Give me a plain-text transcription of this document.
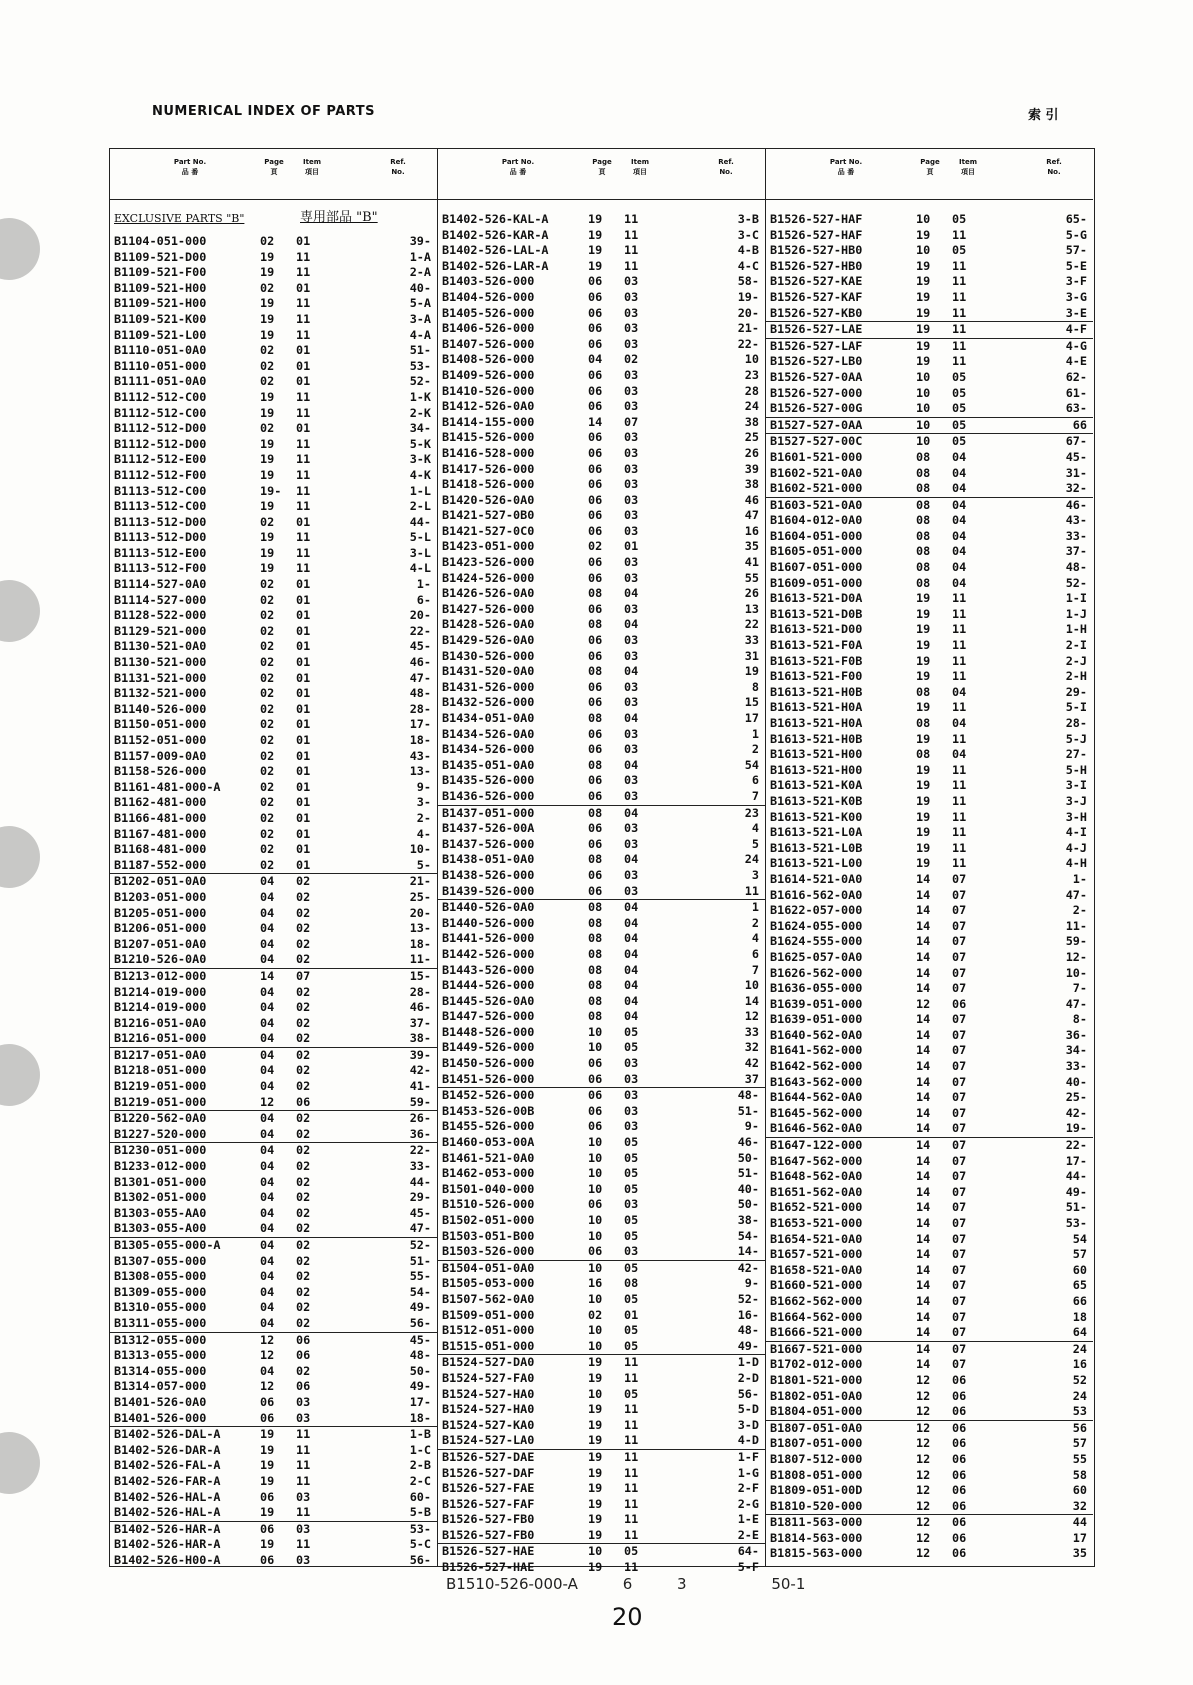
NUMERICAL INDEX OF PARTS	索 引
Part No.
品 番
Page
頁
Item
項目
Ref.
No.
EXCLUSIVE PARTS "B"	専用部品 "B"
B1104-051-000	02 01	39-
B1109-521-D00	19 11	1-A
B1109-521-F00	19 11	2-A
B1109-521-H00	02 01	40-
B1109-521-H00	19 11	5-A
B1109-521-K00	19 11	3-A
B1109-521-L00	19 11	4-A
B1110-051-0A0	02 01	51-
B1110-051-000	02 01	53-
B1111-051-0A0	02 01	52-
B1112-512-C00	19 11	1-K
B1112-512-C00	19 11	2-K
B1112-512-D00	02 01	34-
B1112-512-D00	19 11	5-K
B1112-512-E00	19 11	3-K
B1112-512-F00	19 11	4-K
B1113-512-C00	19- 11	1-L
B1113-512-C00	19 11	2-L
B1113-512-D00	02 01	44-
B1113-512-D00	19 11	5-L
B1113-512-E00	19 11	3-L
B1113-512-F00	19 11	4-L
B1114-527-0A0	02 01	1-
B1114-527-000	02 01	6-
B1128-522-000	02 01	20-
B1129-521-000	02 01	22-
B1130-521-0A0	02 01	45-
B1130-521-000	02 01	46-
B1131-521-000	02 01	47-
B1132-521-000	02 01	48-
B1140-526-000	02 01	28-
B1150-051-000	02 01	17-
B1152-051-000	02 01	18-
B1157-009-0A0	02 01	43-
B1158-526-000	02 01	13-
B1161-481-000-A	02 01	9-
B1162-481-000	02 01	3-
B1166-481-000	02 01	2-
B1167-481-000	02 01	4-
B1168-481-000	02 01	10-
B1187-552-000	02 01	5-
B1202-051-0A0	04 02	21-
B1203-051-000	04 02	25-
B1205-051-000	04 02	20-
B1206-051-000	04 02	13-
B1207-051-0A0	04 02	18-
B1210-526-0A0	04 02	11-
B1213-012-000	14 07	15-
B1214-019-000	04 02	28-
B1214-019-000	04 02	46-
B1216-051-0A0	04 02	37-
B1216-051-000	04 02	38-
B1217-051-0A0	04 02	39-
B1218-051-000	04 02	42-
B1219-051-000	04 02	41-
B1219-051-000	12 06	59-
B1220-562-0A0	04 02	26-
B1227-520-000	04 02	36-
B1230-051-000	04 02	22-
B1233-012-000	04 02	33-
B1301-051-000	04 02	44-
B1302-051-000	04 02	29-
B1303-055-AA0	04 02	45-
B1303-055-A00	04 02	47-
B1305-055-000-A	04 02	52-
B1307-055-000	04 02	51-
B1308-055-000	04 02	55-
B1309-055-000	04 02	54-
B1310-055-000	04 02	49-
B1311-055-000	04 02	56-
B1312-055-000	12 06	45-
B1313-055-000	12 06	48-
B1314-055-000	04 02	50-
B1314-057-000	12 06	49-
B1401-526-0A0	06 03	17-
B1401-526-000	06 03	18-
B1402-526-DAL-A	19 11	1-B
B1402-526-DAR-A	19 11	1-C
B1402-526-FAL-A	19 11	2-B
B1402-526-FAR-A	19 11	2-C
B1402-526-HAL-A	06 03	60-
B1402-526-HAL-A	19 11	5-B
B1402-526-HAR-A	06 03	53-
B1402-526-HAR-A	19 11	5-C
B1402-526-H00-A	06 03	56-
Part No.
品 番
Page
頁
Item
項目
Ref.
No.
B1402-526-KAL-A	19 11	3-B
B1402-526-KAR-A	19 11	3-C
B1402-526-LAL-A	19 11	4-B
B1402-526-LAR-A	19 11	4-C
B1403-526-000	06 03	58-
B1404-526-000	06 03	19-
B1405-526-000	06 03	20-
B1406-526-000	06 03	21-
B1407-526-000	06 03	22-
B1408-526-000	04 02	10
B1409-526-000	06 03	23
B1410-526-000	06 03	28
B1412-526-0A0	06 03	24
B1414-155-000	14 07	38
B1415-526-000	06 03	25
B1416-528-000	06 03	26
B1417-526-000	06 03	39
B1418-526-000	06 03	38
B1420-526-0A0	06 03	46
B1421-527-0B0	06 03	47
B1421-527-0C0	06 03	16
B1423-051-000	02 01	35
B1423-526-000	06 03	41
B1424-526-000	06 03	55
B1426-526-0A0	08 04	26
B1427-526-000	06 03	13
B1428-526-0A0	08 04	22
B1429-526-0A0	06 03	33
B1430-526-000	06 03	31
B1431-520-0A0	08 04	19
B1431-526-000	06 03	8
B1432-526-000	06 03	15
B1434-051-0A0	08 04	17
B1434-526-0A0	06 03	1
B1434-526-000	06 03	2
B1435-051-0A0	08 04	54
B1435-526-000	06 03	6
B1436-526-000	06 03	7
B1437-051-000	08 04	23
B1437-526-00A	06 03	4
B1437-526-000	06 03	5
B1438-051-0A0	08 04	24
B1438-526-000	06 03	3
B1439-526-000	06 03	11
B1440-526-0A0	08 04	1
B1440-526-000	08 04	2
B1441-526-000	08 04	4
B1442-526-000	08 04	6
B1443-526-000	08 04	7
B1444-526-000	08 04	10
B1445-526-0A0	08 04	14
B1447-526-000	08 04	12
B1448-526-000	10 05	33
B1449-526-000	10 05	32
B1450-526-000	06 03	42
B1451-526-000	06 03	37
B1452-526-000	06 03	48-
B1453-526-00B	06 03	51-
B1455-526-000	06 03	9-
B1460-053-00A	10 05	46-
B1461-521-0A0	10 05	50-
B1462-053-000	10 05	51-
B1501-040-000	10 05	40-
B1510-526-000	06 03	50-
B1502-051-000	10 05	38-
B1503-051-B00	10 05	54-
B1503-526-000	06 03	14-
B1504-051-0A0	10 05	42-
B1505-053-000	16 08	9-
B1507-562-0A0	10 05	52-
B1509-051-000	02 01	16-
B1512-051-000	10 05	48-
B1515-051-000	10 05	49-
B1524-527-DA0	19 11	1-D
B1524-527-FA0	19 11	2-D
B1524-527-HA0	10 05	56-
B1524-527-HA0	19 11	5-D
B1524-527-KA0	19 11	3-D
B1524-527-LA0	19 11	4-D
B1526-527-DAE	19 11	1-F
B1526-527-DAF	19 11	1-G
B1526-527-FAE	19 11	2-F
B1526-527-FAF	19 11	2-G
B1526-527-FB0	19 11	1-E
B1526-527-FB0	19 11	2-E
B1526-527-HAE	10 05	64-
B1526-527-HAE	19 11	5-F
Part No.
品 番
Page
頁
Item
項目
Ref.
No.
B1526-527-HAF	10 05	65-
B1526-527-HAF	19 11	5-G
B1526-527-HB0	10 05	57-
B1526-527-HB0	19 11	5-E
B1526-527-KAE	19 11	3-F
B1526-527-KAF	19 11	3-G
B1526-527-KB0	19 11	3-E
B1526-527-LAE	19 11	4-F
B1526-527-LAF	19 11	4-G
B1526-527-LB0	19 11	4-E
B1526-527-0AA	10 05	62-
B1526-527-000	10 05	61-
B1526-527-00G	10 05	63-
B1527-527-0AA	10 05	66
B1527-527-00C	10 05	67-
B1601-521-000	08 04	45-
B1602-521-0A0	08 04	31-
B1602-521-000	08 04	32-
B1603-521-0A0	08 04	46-
B1604-012-0A0	08 04	43-
B1604-051-000	08 04	33-
B1605-051-000	08 04	37-
B1607-051-000	08 04	48-
B1609-051-000	08 04	52-
B1613-521-D0A	19 11	1-I
B1613-521-D0B	19 11	1-J
B1613-521-D00	19 11	1-H
B1613-521-F0A	19 11	2-I
B1613-521-F0B	19 11	2-J
B1613-521-F00	19 11	2-H
B1613-521-H0B	08 04	29-
B1613-521-H0A	19 11	5-I
B1613-521-H0A	08 04	28-
B1613-521-H0B	19 11	5-J
B1613-521-H00	08 04	27-
B1613-521-H00	19 11	5-H
B1613-521-K0A	19 11	3-I
B1613-521-K0B	19 11	3-J
B1613-521-K00	19 11	3-H
B1613-521-L0A	19 11	4-I
B1613-521-L0B	19 11	4-J
B1613-521-L00	19 11	4-H
B1614-521-0A0	14 07	1-
B1616-562-0A0	14 07	47-
B1622-057-000	14 07	2-
B1624-055-000	14 07	11-
B1624-555-000	14 07	59-
B1625-057-0A0	14 07	12-
B1626-562-000	14 07	10-
B1636-055-000	14 07	7-
B1639-051-000	12 06	47-
B1639-051-000	14 07	8-
B1640-562-0A0	14 07	36-
B1641-562-000	14 07	34-
B1642-562-000	14 07	33-
B1643-562-000	14 07	40-
B1644-562-0A0	14 07	25-
B1645-562-000	14 07	42-
B1646-562-0A0	14 07	19-
B1647-122-000	14 07	22-
B1647-562-000	14 07	17-
B1648-562-0A0	14 07	44-
B1651-562-0A0	14 07	49-
B1652-521-000	14 07	51-
B1653-521-000	14 07	53-
B1654-521-0A0	14 07	54
B1657-521-000	14 07	57
B1658-521-0A0	14 07	60
B1660-521-000	14 07	65
B1662-562-000	14 07	66
B1664-562-000	14 07	18
B1666-521-000	14 07	64
B1667-521-000	14 07	24
B1702-012-000	14 07	16
B1801-521-000	12 06	52
B1802-051-0A0	12 06	24
B1804-051-000	12 06	53
B1807-051-0A0	12 06	56
B1807-051-000	12 06	57
B1807-512-000	12 06	55
B1808-051-000	12 06	58
B1809-051-00D	12 06	60
B1810-520-000	12 06	32
B1811-563-000	12 06	44
B1814-563-000	12 06	17
B1815-563-000	12 06	35
B1510-526-000-A	6	3	50-1
20
